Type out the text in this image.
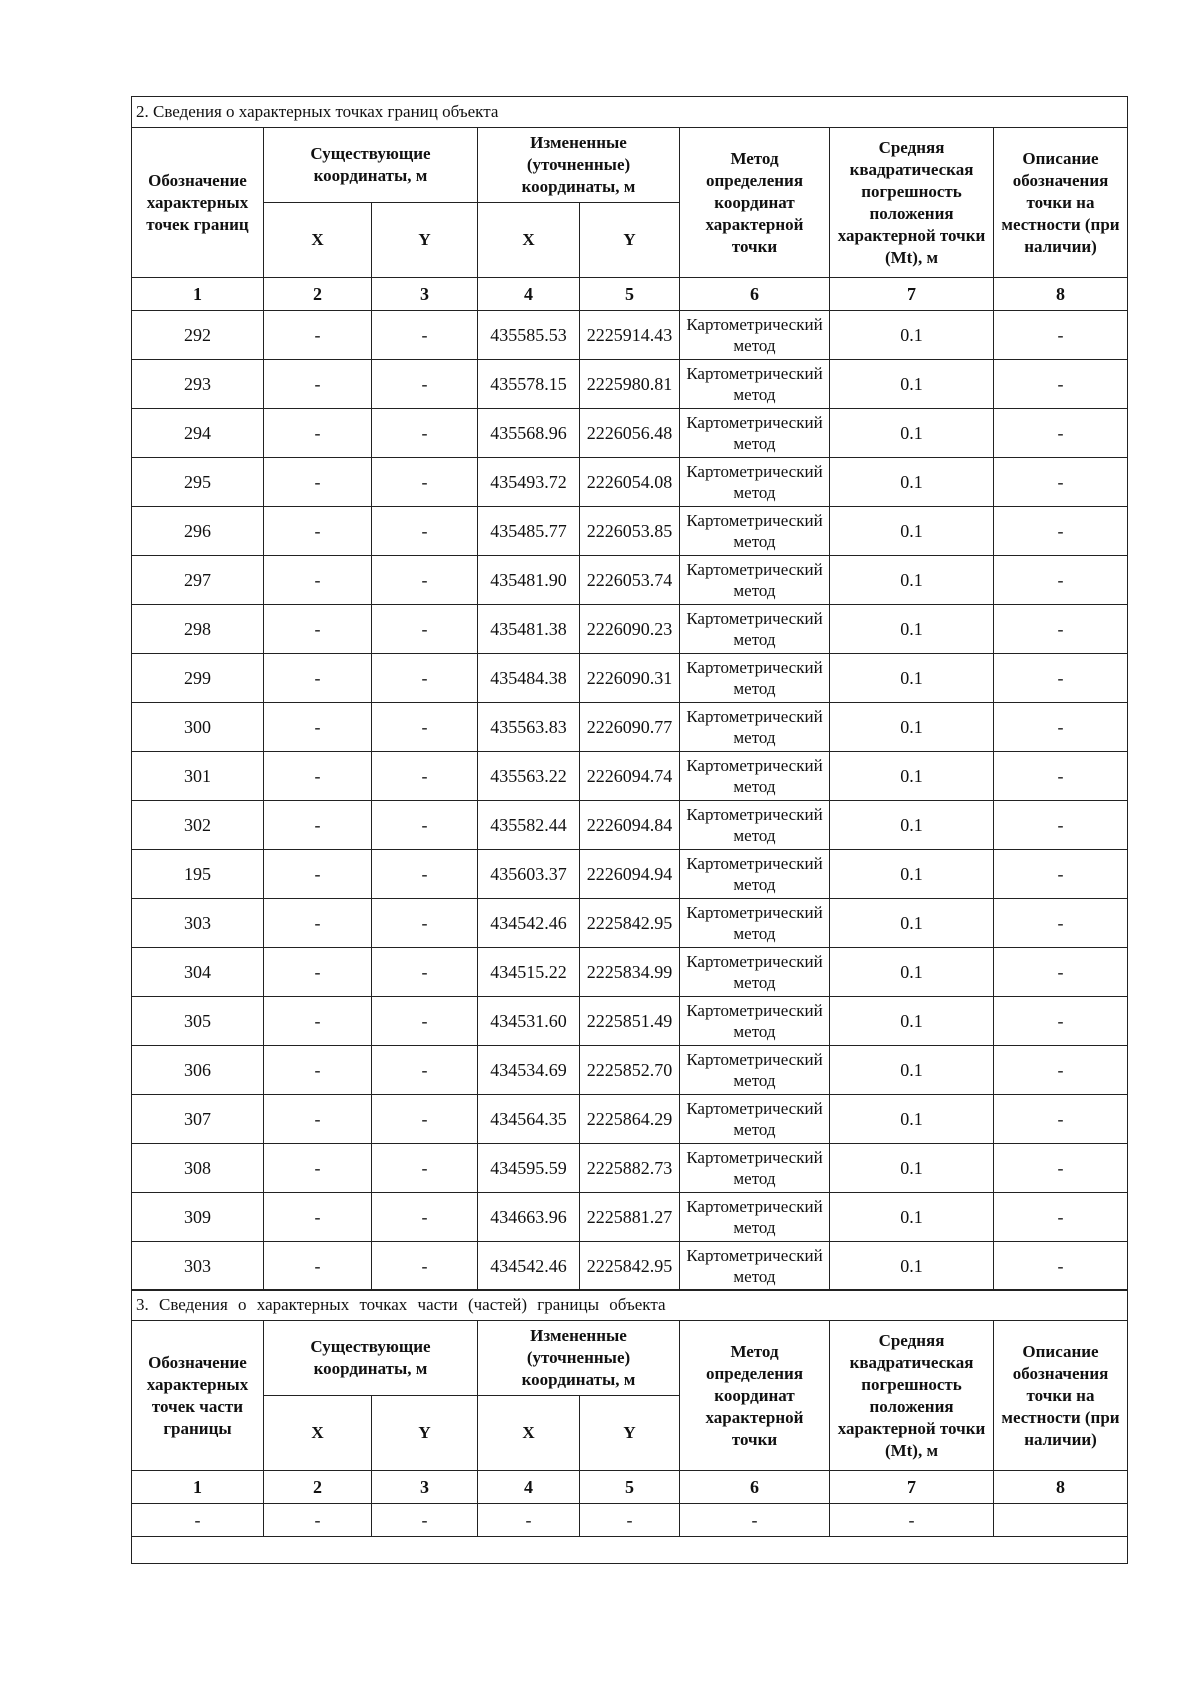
2. Сведения о характерных точках границ объекта							
Обозначение характерных точек границ	Существующие координаты, м		Измененные (уточненные) координаты, м		Метод определения координат характерной точки	Средняя квадратическая погрешность положения характерной точки (Mt), м	Описание обозначения точки на местности (при наличии)
	X	Y	X	Y			
1	2	3	4	5	6	7	8
292	-	-	435585.53	2225914.43	Картометрический метод	0.1	-
293	-	-	435578.15	2225980.81	Картометрический метод	0.1	-
294	-	-	435568.96	2226056.48	Картометрический метод	0.1	-
295	-	-	435493.72	2226054.08	Картометрический метод	0.1	-
296	-	-	435485.77	2226053.85	Картометрический метод	0.1	-
297	-	-	435481.90	2226053.74	Картометрический метод	0.1	-
298	-	-	435481.38	2226090.23	Картометрический метод	0.1	-
299	-	-	435484.38	2226090.31	Картометрический метод	0.1	-
300	-	-	435563.83	2226090.77	Картометрический метод	0.1	-
301	-	-	435563.22	2226094.74	Картометрический метод	0.1	-
302	-	-	435582.44	2226094.84	Картометрический метод	0.1	-
195	-	-	435603.37	2226094.94	Картометрический метод	0.1	-
303	-	-	434542.46	2225842.95	Картометрический метод	0.1	-
304	-	-	434515.22	2225834.99	Картометрический метод	0.1	-
305	-	-	434531.60	2225851.49	Картометрический метод	0.1	-
306	-	-	434534.69	2225852.70	Картометрический метод	0.1	-
307	-	-	434564.35	2225864.29	Картометрический метод	0.1	-
308	-	-	434595.59	2225882.73	Картометрический метод	0.1	-
309	-	-	434663.96	2225881.27	Картометрический метод	0.1	-
303	-	-	434542.46	2225842.95	Картометрический метод	0.1	-
3. Сведения о характерных точках части (частей) границы объекта							
Обозначение характерных точек части границы	Существующие координаты, м		Измененные (уточненные) координаты, м		Метод определения координат характерной точки	Средняя квадратическая погрешность положения характерной точки (Mt), м	Описание обозначения точки на местности (при наличии)
	X	Y	X	Y			
1	2	3	4	5	6	7	8
-	-	-	-	-	-	-	
